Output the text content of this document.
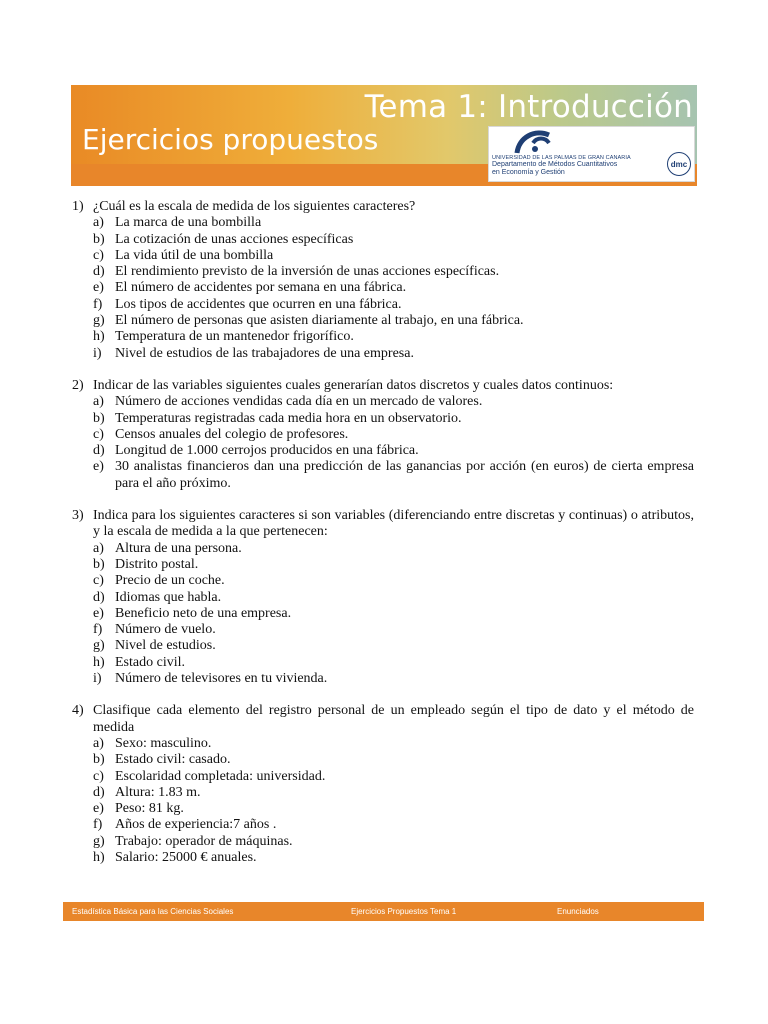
Tema 1: Introducción
Ejercicios propuestos
UNIVERSIDAD DE LAS PALMAS DE GRAN CANARIA
Departamento de Métodos Cuantitativos
en Economía y Gestión
dmc
1) ¿Cuál es la escala de medida de los siguientes caracteres?
a) La marca de una bombilla
b) La cotización de unas acciones específicas
c) La vida útil de una bombilla
d) El rendimiento previsto de la inversión de unas acciones específicas.
e) El número de accidentes por semana en una fábrica.
f) Los tipos de accidentes que ocurren en una fábrica.
g) El número de personas que asisten diariamente al trabajo, en una fábrica.
h) Temperatura de un mantenedor frigorífico.
i) Nivel de estudios de las trabajadores de una empresa.
2) Indicar de las variables siguientes cuales generarían datos discretos y cuales datos continuos:
a) Número de acciones vendidas cada día en un mercado de valores.
b) Temperaturas registradas cada media hora en un observatorio.
c) Censos anuales del colegio de profesores.
d) Longitud de 1.000 cerrojos producidos en una fábrica.
e) 30 analistas financieros dan una predicción de las ganancias por acción (en euros) de cierta empresa para el año próximo.
3) Indica para los siguientes caracteres si son variables (diferenciando entre discretas y continuas) o atributos, y la escala de medida a la que pertenecen:
a) Altura de una persona.
b) Distrito postal.
c) Precio de un coche.
d) Idiomas que habla.
e) Beneficio neto de una empresa.
f) Número de vuelo.
g) Nivel de estudios.
h) Estado civil.
i) Número de televisores en tu vivienda.
4) Clasifique cada elemento del registro personal de un empleado según el tipo de dato y el método de medida
a) Sexo: masculino.
b) Estado civil: casado.
c) Escolaridad completada: universidad.
d) Altura: 1.83 m.
e) Peso: 81 kg.
f) Años de experiencia:7 años .
g) Trabajo: operador de máquinas.
h) Salario: 25000 € anuales.
Estadística Básica para las Ciencias Sociales	Ejercicios Propuestos Tema 1	Enunciados
